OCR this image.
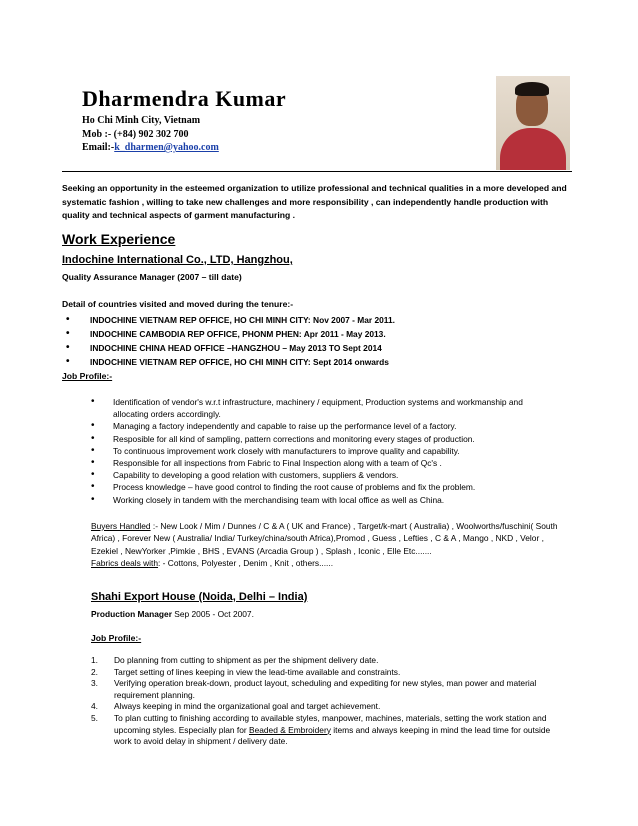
Dharmendra Kumar
Ho Chi Minh City, Vietnam
Mob :- (+84) 902 302 700
Email:-k_dharmen@yahoo.com
Seeking an opportunity in the esteemed organization to utilize professional and technical qualities in a more developed and systematic fashion , willing to take new challenges and more responsibility , can independently handle production with quality and technical aspects of garment manufacturing .
Work Experience
Indochine International Co., LTD, Hangzhou,
Quality Assurance Manager (2007 – till date)
Detail of countries visited and moved during the tenure:-
• INDOCHINE VIETNAM REP OFFICE, HO CHI MINH CITY: Nov 2007 - Mar 2011.
• INDOCHINE CAMBODIA REP OFFICE, PHONM PHEN: Apr 2011 - May 2013.
• INDOCHINE CHINA HEAD OFFICE –HANGZHOU – May 2013 TO Sept 2014
• INDOCHINE VIETNAM REP OFFICE, HO CHI MINH CITY: Sept 2014 onwards
Job Profile:-
• Identification of vendor's w.r.t infrastructure, machinery / equipment, Production systems and workmanship and allocating orders accordingly.
• Managing a factory independently and capable to raise up the performance level of a factory.
• Resposible for all kind of sampling, pattern corrections and monitoring every stages of production.
• To continuous improvement work closely with manufacturers to improve quality and capability.
• Responsible for all inspections from Fabric to Final Inspection along with a team of Qc's .
• Capability to developing a good relation with customers, suppliers & vendors.
• Process knowledge – have good control to finding the root cause of problems and fix the problem.
• Working closely in tandem with the merchandising team with local office as well as China.
Buyers Handled :- New Look / Mim / Dunnes / C & A ( UK and France) , Target/k-mart ( Australia) , Woolworths/fuschini( South Africa) , Forever New ( Australia/ India/ Turkey/china/south Africa),Promod , Guess , Lefties , C & A , Mango , NKD , Velor , Ezekiel , NewYorker ,Pimkie , BHS , EVANS (Arcadia Group ) , Splash , Iconic , Elle Etc.......
Fabrics deals with: - Cottons, Polyester , Denim , Knit , others......
Shahi Export House (Noida, Delhi – India)
Production Manager Sep 2005 - Oct 2007.
Job Profile:-
1. Do planning from cutting to shipment as per the shipment delivery date.
2. Target setting of lines keeping in view the lead-time available and constraints.
3. Verifying operation break-down, product layout, scheduling and expediting for new styles, man power and material requirement planning.
4. Always keeping in mind the organizational goal and target achievement.
5. To plan cutting to finishing according to available styles, manpower, machines, materials, setting the work station and upcoming styles. Especially plan for Beaded & Embroidery items and always keeping in mind the lead time for outside work to avoid delay in shipment / delivery date.
